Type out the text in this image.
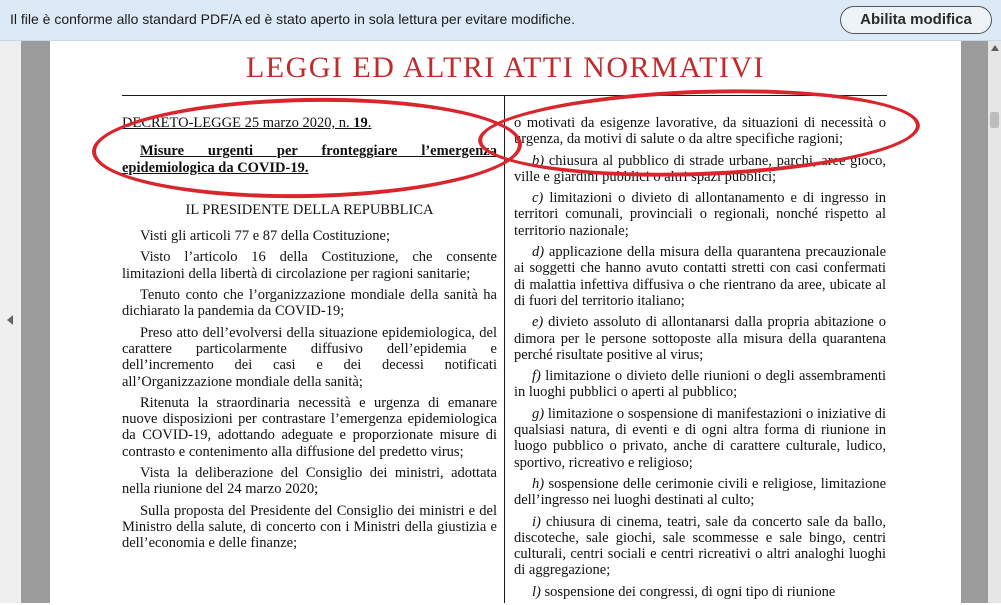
Il file è conforme allo standard PDF/A ed è stato aperto in sola lettura per evitare modifiche.	Abilita modifica
LEGGI ED ALTRI ATTI NORMATIVI

DECRETO-LEGGE 25 marzo 2020, n. 19.

Misure urgenti per fronteggiare l’emergenza epidemiologica da COVID-19.

IL PRESIDENTE DELLA REPUBBLICA

Visti gli articoli 77 e 87 della Costituzione;

Visto l’articolo 16 della Costituzione, che consente limitazioni della libertà di circolazione per ragioni sanitarie;

Tenuto conto che l’organizzazione mondiale della sanità ha dichiarato la pandemia da COVID-19;

Preso atto dell’evolversi della situazione epidemiologica, del carattere particolarmente diffusivo dell’epidemia e dell’incremento dei casi e dei decessi notificati all’Organizzazione mondiale della sanità;

Ritenuta la straordinaria necessità e urgenza di emanare nuove disposizioni per contrastare l’emergenza epidemiologica da COVID-19, adottando adeguate e proporzionate misure di contrasto e contenimento alla diffusione del predetto virus;

Vista la deliberazione del Consiglio dei ministri, adottata nella riunione del 24 marzo 2020;

Sulla proposta del Presidente del Consiglio dei ministri e del Ministro della salute, di concerto con i Ministri della giustizia e dell’economia e delle finanze;

o motivati da esigenze lavorative, da situazioni di necessità o urgenza, da motivi di salute o da altre specifiche ragioni;

b) chiusura al pubblico di strade urbane, parchi, aree gioco, ville e giardini pubblici o altri spazi pubblici;

c) limitazioni o divieto di allontanamento e di ingresso in territori comunali, provinciali o regionali, nonché rispetto al territorio nazionale;

d) applicazione della misura della quarantena precauzionale ai soggetti che hanno avuto contatti stretti con casi confermati di malattia infettiva diffusiva o che rientrano da aree, ubicate al di fuori del territorio italiano;

e) divieto assoluto di allontanarsi dalla propria abitazione o dimora per le persone sottoposte alla misura della quarantena perché risultate positive al virus;

f) limitazione o divieto delle riunioni o degli assembramenti in luoghi pubblici o aperti al pubblico;

g) limitazione o sospensione di manifestazioni o iniziative di qualsiasi natura, di eventi e di ogni altra forma di riunione in luogo pubblico o privato, anche di carattere culturale, ludico, sportivo, ricreativo e religioso;

h) sospensione delle cerimonie civili e religiose, limitazione dell’ingresso nei luoghi destinati al culto;

i) chiusura di cinema, teatri, sale da concerto sale da ballo, discoteche, sale giochi, sale scommesse e sale bingo, centri culturali, centri sociali e centri ricreativi o altri analoghi luoghi di aggregazione;

l) sospensione dei congressi, di ogni tipo di riunione
